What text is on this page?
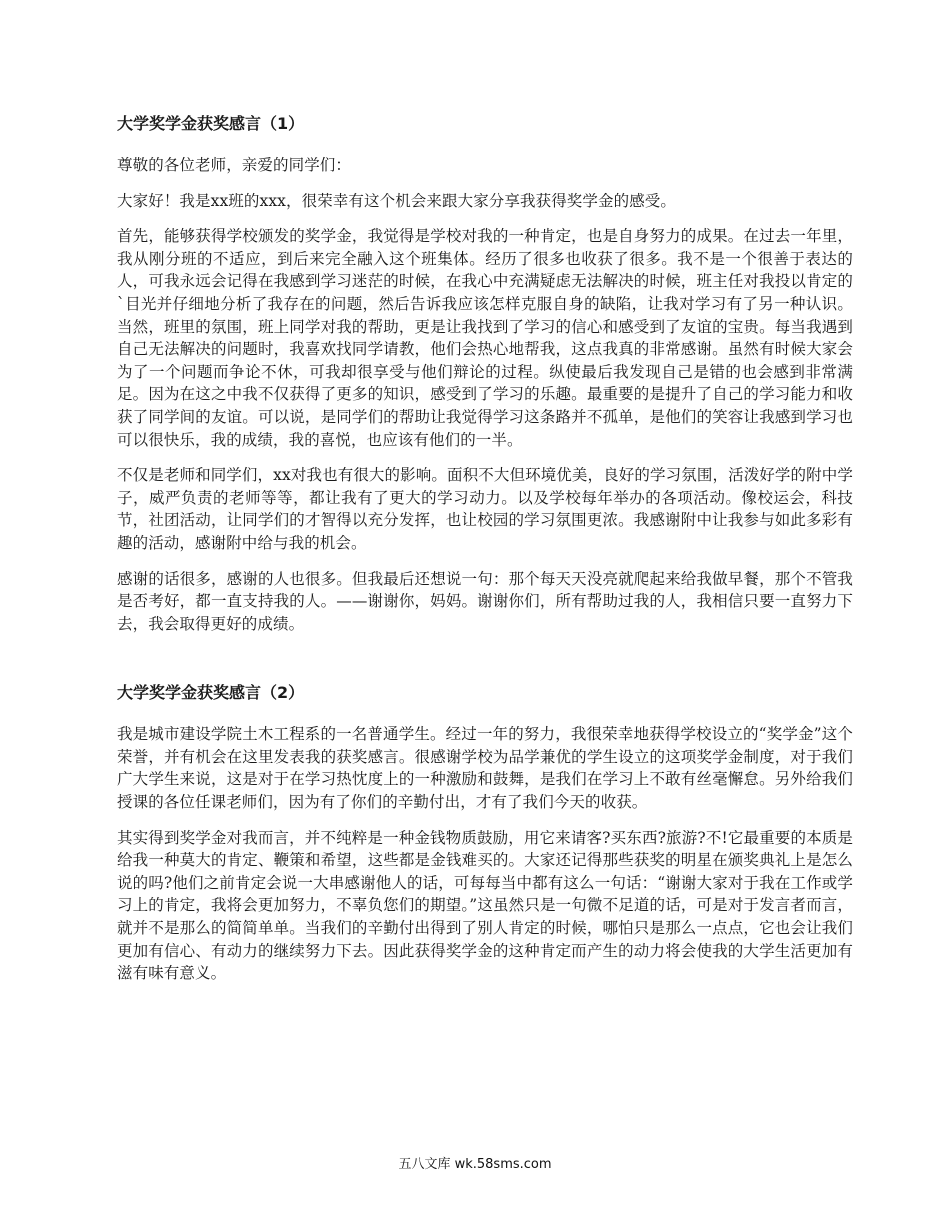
大学奖学金获奖感言（1）

尊敬的各位老师，亲爱的同学们：

大家好！我是xx班的xxx，很荣幸有这个机会来跟大家分享我获得奖学金的感受。

首先，能够获得学校颁发的奖学金，我觉得是学校对我的一种肯定，也是自身努力的成果。在过去一年里，我从刚分班的不适应，到后来完全融入这个班集体。经历了很多也收获了很多。我不是一个很善于表达的人，可我永远会记得在我感到学习迷茫的时候，在我心中充满疑虑无法解决的时候，班主任对我投以肯定的`目光并仔细地分析了我存在的问题，然后告诉我应该怎样克服自身的缺陷，让我对学习有了另一种认识。当然，班里的氛围，班上同学对我的帮助，更是让我找到了学习的信心和感受到了友谊的宝贵。每当我遇到自己无法解决的问题时，我喜欢找同学请教，他们会热心地帮我，这点我真的非常感谢。虽然有时候大家会为了一个问题而争论不休，可我却很享受与他们辩论的过程。纵使最后我发现自己是错的也会感到非常满足。因为在这之中我不仅获得了更多的知识，感受到了学习的乐趣。最重要的是提升了自己的学习能力和收获了同学间的友谊。可以说，是同学们的帮助让我觉得学习这条路并不孤单，是他们的笑容让我感到学习也可以很快乐，我的成绩，我的喜悦，也应该有他们的一半。

不仅是老师和同学们，xx对我也有很大的影响。面积不大但环境优美，良好的学习氛围，活泼好学的附中学子，威严负责的老师等等，都让我有了更大的学习动力。以及学校每年举办的各项活动。像校运会，科技节，社团活动，让同学们的才智得以充分发挥，也让校园的学习氛围更浓。我感谢附中让我参与如此多彩有趣的活动，感谢附中给与我的机会。

感谢的话很多，感谢的人也很多。但我最后还想说一句：那个每天天没亮就爬起来给我做早餐，那个不管我是否考好，都一直支持我的人。——谢谢你，妈妈。谢谢你们，所有帮助过我的人，我相信只要一直努力下去，我会取得更好的成绩。

大学奖学金获奖感言（2）

我是城市建设学院土木工程系的一名普通学生。经过一年的努力，我很荣幸地获得学校设立的“奖学金”这个荣誉，并有机会在这里发表我的获奖感言。很感谢学校为品学兼优的学生设立的这项奖学金制度，对于我们广大学生来说，这是对于在学习热忱度上的一种激励和鼓舞，是我们在学习上不敢有丝毫懈怠。另外给我们授课的各位任课老师们，因为有了你们的辛勤付出，才有了我们今天的收获。

其实得到奖学金对我而言，并不纯粹是一种金钱物质鼓励，用它来请客?买东西?旅游?不!它最重要的本质是给我一种莫大的肯定、鞭策和希望，这些都是金钱难买的。大家还记得那些获奖的明星在颁奖典礼上是怎么说的吗?他们之前肯定会说一大串感谢他人的话，可每每当中都有这么一句话：“谢谢大家对于我在工作或学习上的肯定，我将会更加努力，不辜负您们的期望。”这虽然只是一句微不足道的话，可是对于发言者而言，就并不是那么的简简单单。当我们的辛勤付出得到了别人肯定的时候，哪怕只是那么一点点，它也会让我们更加有信心、有动力的继续努力下去。因此获得奖学金的这种肯定而产生的动力将会使我的大学生活更加有滋有味有意义。

五八文库 wk.58sms.com
